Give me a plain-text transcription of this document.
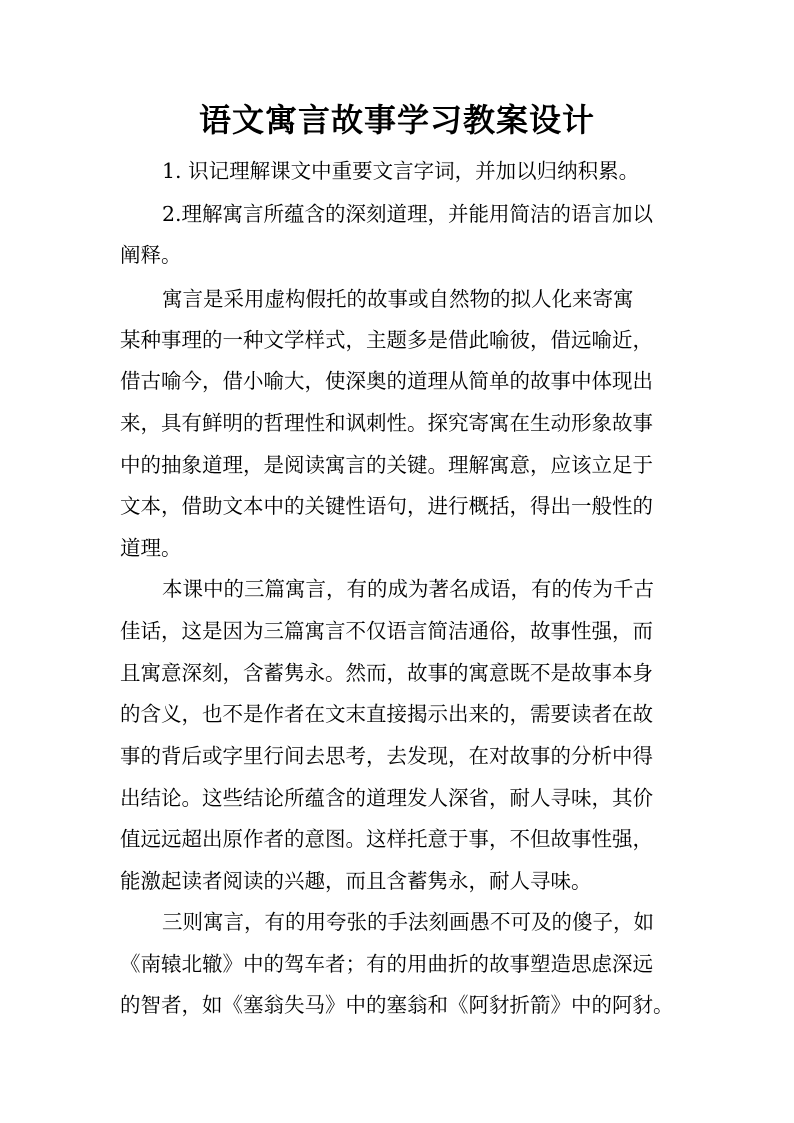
语文寓言故事学习教案设计
1. 识记理解课文中重要文言字词，并加以归纳积累。
2.理解寓言所蕴含的深刻道理，并能用简洁的语言加以
阐释。
寓言是采用虚构假托的故事或自然物的拟人化来寄寓
某种事理的一种文学样式，主题多是借此喻彼，借远喻近，
借古喻今，借小喻大，使深奥的道理从简单的故事中体现出
来，具有鲜明的哲理性和讽刺性。探究寄寓在生动形象故事
中的抽象道理，是阅读寓言的关键。理解寓意，应该立足于
文本，借助文本中的关键性语句，进行概括，得出一般性的
道理。
本课中的三篇寓言，有的成为著名成语，有的传为千古
佳话，这是因为三篇寓言不仅语言简洁通俗，故事性强，而
且寓意深刻，含蓄隽永。然而，故事的寓意既不是故事本身
的含义，也不是作者在文末直接揭示出来的，需要读者在故
事的背后或字里行间去思考，去发现，在对故事的分析中得
出结论。这些结论所蕴含的道理发人深省，耐人寻味，其价
值远远超出原作者的意图。这样托意于事，不但故事性强，
能激起读者阅读的兴趣，而且含蓄隽永，耐人寻味。
三则寓言，有的用夸张的手法刻画愚不可及的傻子，如
《南辕北辙》中的驾车者；有的用曲折的故事塑造思虑深远
的智者，如《塞翁失马》中的塞翁和《阿豺折箭》中的阿豺。
